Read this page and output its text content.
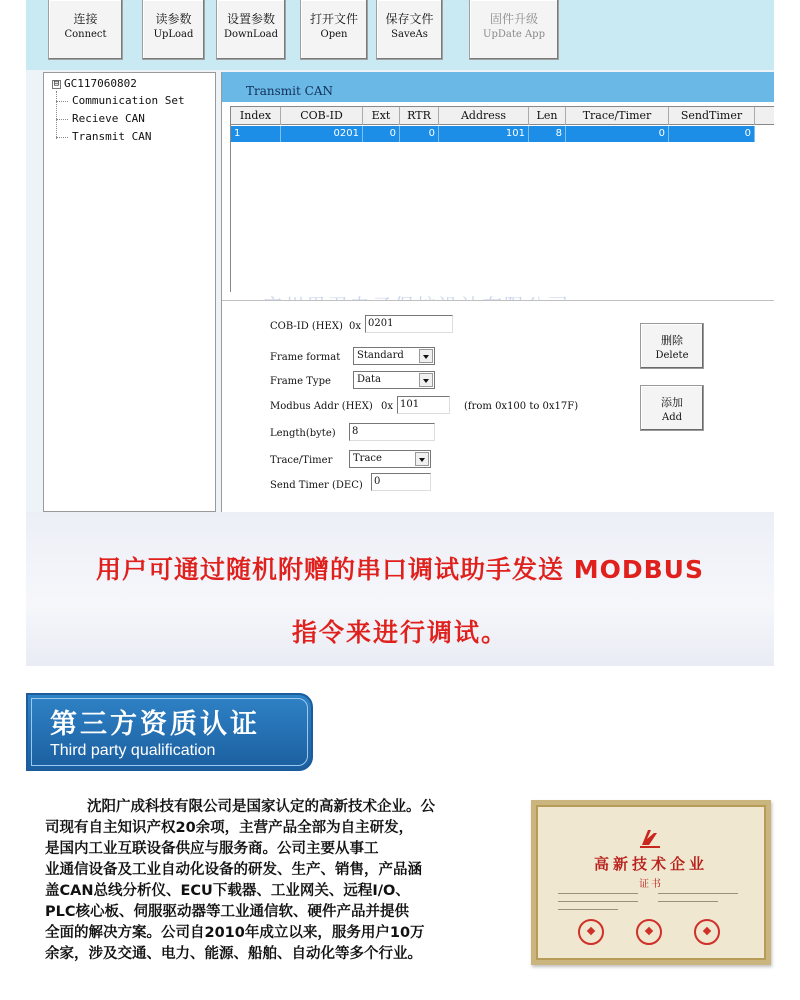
连接
Connect
读参数
UpLoad
设置参数
DownLoad
打开文件
Open
保存文件
SaveAs
固件升级
UpDate App
⊟ GC117060802
Communication Set
Recieve CAN
Transmit CAN
Transmit CAN
Index	COB-ID	Ext	RTR	Address	Len	Trace/Timer	SendTimer
1	0201	0	0	101	8	0	0
COB-ID (HEX) 0x 0201
Frame format	Standard
Frame Type	Data
Modbus Addr (HEX) 0x 101	(from 0x100 to 0x17F)
Length(byte)	8
Trace/Timer	Trace
Send Timer (DEC)	0
删除
Delete
添加
Add
用户可通过随机附赠的串口调试助手发送 MODBUS
指令来进行调试。
第三方资质认证
Third party qualification

沈阳广成科技有限公司是国家认定的高新技术企业。公

司现有自主知识产权20余项，主营产品全部为自主研发，

是国内工业互联设备供应与服务商。公司主要从事工

业通信设备及工业自动化设备的研发、生产、销售，产品涵

盖CAN总线分析仪、ECU下载器、工业网关、远程I/O、

PLC核心板、伺服驱动器等工业通信软、硬件产品并提供

全面的解决方案。公司自2010年成立以来，服务用户10万

余家，涉及交通、电力、能源、船舶、自动化等多个行业。

高新技术企业
证书
